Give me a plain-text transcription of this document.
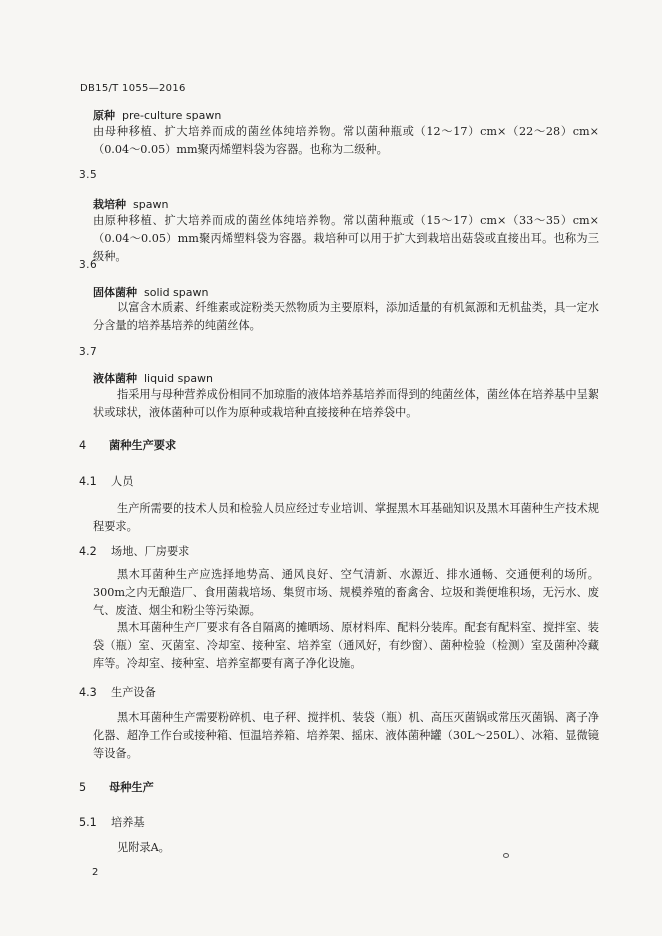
DB15/T 1055—2016
原种 pre-culture spawn
由母种移植、扩大培养而成的菌丝体纯培养物。常以菌种瓶或（12～17）cm×（22～28）cm×（0.04～0.05）mm聚丙烯塑料袋为容器。也称为二级种。
3.5
栽培种 spawn
由原种移植、扩大培养而成的菌丝体纯培养物。常以菌种瓶或（15～17）cm×（33～35）cm×（0.04～0.05）mm聚丙烯塑料袋为容器。栽培种可以用于扩大到栽培出菇袋或直接出耳。也称为三级种。
3.6
固体菌种 solid spawn
以富含木质素、纤维素或淀粉类天然物质为主要原料，添加适量的有机氮源和无机盐类，具一定水分含量的培养基培养的纯菌丝体。
3.7
液体菌种 liquid spawn
指采用与母种营养成份相同不加琼脂的液体培养基培养而得到的纯菌丝体，菌丝体在培养基中呈絮状或球状，液体菌种可以作为原种或栽培种直接接种在培养袋中。
4 菌种生产要求
4.1 人员
生产所需要的技术人员和检验人员应经过专业培训、掌握黑木耳基础知识及黑木耳菌种生产技术规程要求。
4.2 场地、厂房要求
黑木耳菌种生产应选择地势高、通风良好、空气清新、水源近、排水通畅、交通便利的场所。300m之内无酿造厂、食用菌栽培场、集贸市场、规模养殖的畜禽舍、垃圾和粪便堆积场，无污水、废气、废渣、烟尘和粉尘等污染源。
黑木耳菌种生产厂要求有各自隔离的摊晒场、原材料库、配料分装库。配套有配料室、搅拌室、装袋（瓶）室、灭菌室、冷却室、接种室、培养室（通风好，有纱窗）、菌种检验（检测）室及菌种冷藏库等。冷却室、接种室、培养室都要有离子净化设施。
4.3 生产设备
黑木耳菌种生产需要粉碎机、电子秤、搅拌机、装袋（瓶）机、高压灭菌锅或常压灭菌锅、离子净化器、超净工作台或接种箱、恒温培养箱、培养架、摇床、液体菌种罐（30L～250L）、冰箱、显微镜等设备。
5 母种生产
5.1 培养基
见附录A。
2
